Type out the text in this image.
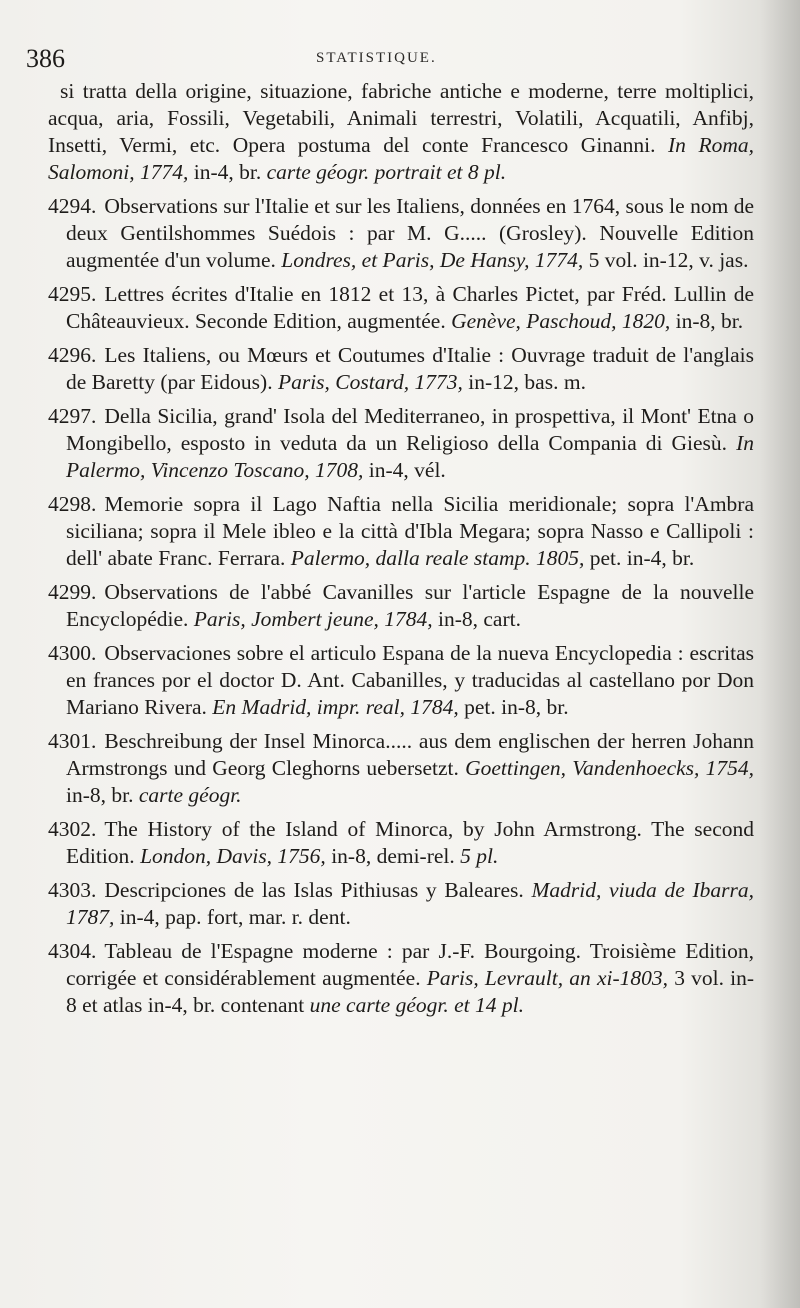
386	STATISTIQUE.

si tratta della origine, situazione, fabriche antiche e moderne, terre moltiplici, acqua, aria, Fossili, Vegetabili, Animali terrestri, Volatili, Acquatili, Anfibj, Insetti, Vermi, etc. Opera postuma del conte Francesco Ginanni. In Roma, Salomoni, 1774, in-4, br. carte géogr. portrait et 8 pl.

4294. Observations sur l'Italie et sur les Italiens, données en 1764, sous le nom de deux Gentilshommes Suédois : par M. G..... (Grosley). Nouvelle Edition augmentée d'un volume. Londres, et Paris, De Hansy, 1774, 5 vol. in-12, v. jas.

4295. Lettres écrites d'Italie en 1812 et 13, à Charles Pictet, par Fréd. Lullin de Châteauvieux. Seconde Edition, augmentée. Genève, Paschoud, 1820, in-8, br.

4296. Les Italiens, ou Mœurs et Coutumes d'Italie : Ouvrage traduit de l'anglais de Baretty (par Eidous). Paris, Costard, 1773, in-12, bas. m.

4297. Della Sicilia, grand' Isola del Mediterraneo, in prospettiva, il Mont' Etna o Mongibello, esposto in veduta da un Religioso della Compania di Giesù. In Palermo, Vincenzo Toscano, 1708, in-4, vél.

4298. Memorie sopra il Lago Naftia nella Sicilia meridionale; sopra l'Ambra siciliana; sopra il Mele ibleo e la città d'Ibla Megara; sopra Nasso e Callipoli : dell' abate Franc. Ferrara. Palermo, dalla reale stamp. 1805, pet. in-4, br.

4299. Observations de l'abbé Cavanilles sur l'article Espagne de la nouvelle Encyclopédie. Paris, Jombert jeune, 1784, in-8, cart.

4300. Observaciones sobre el articulo Espana de la nueva Encyclopedia : escritas en frances por el doctor D. Ant. Cabanilles, y traducidas al castellano por Don Mariano Rivera. En Madrid, impr. real, 1784, pet. in-8, br.

4301. Beschreibung der Insel Minorca..... aus dem englischen der herren Johann Armstrongs und Georg Cleghorns uebersetzt. Goettingen, Vandenhoecks, 1754, in-8, br. carte géogr.

4302. The History of the Island of Minorca, by John Armstrong. The second Edition. London, Davis, 1756, in-8, demi-rel. 5 pl.

4303. Descripciones de las Islas Pithiusas y Baleares. Madrid, viuda de Ibarra, 1787, in-4, pap. fort, mar. r. dent.

4304. Tableau de l'Espagne moderne : par J.-F. Bourgoing. Troisième Edition, corrigée et considérablement augmentée. Paris, Levrault, an xi-1803, 3 vol. in-8 et atlas in-4, br. contenant une carte géogr. et 14 pl.
